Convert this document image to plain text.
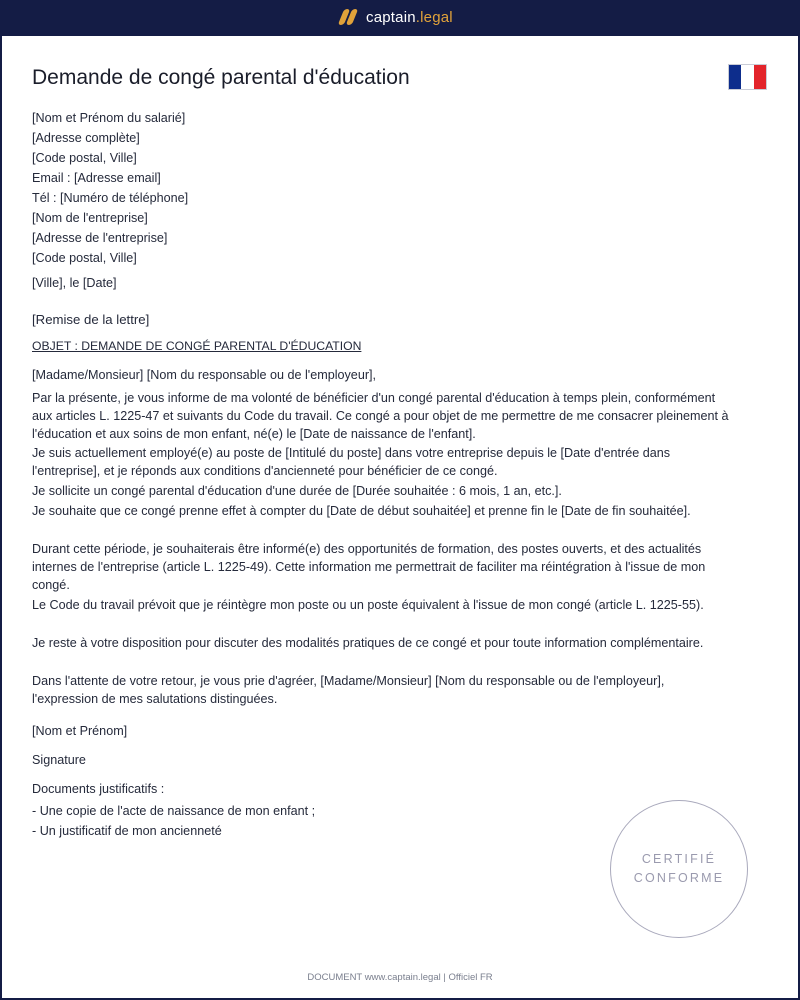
captain.legal
Demande de congé parental d'éducation
[Nom et Prénom du salarié]
[Adresse complète]
[Code postal, Ville]
Email : [Adresse email]
Tél : [Numéro de téléphone]
[Nom de l'entreprise]
[Adresse de l'entreprise]
[Code postal, Ville]
[Ville], le [Date]
[Remise de la lettre]
OBJET : DEMANDE DE CONGÉ PARENTAL D'ÉDUCATION
[Madame/Monsieur] [Nom du responsable ou de l'employeur],
Par la présente, je vous informe de ma volonté de bénéficier d'un congé parental d'éducation à temps plein, conformément aux articles L. 1225-47 et suivants du Code du travail. Ce congé a pour objet de me permettre de me consacrer pleinement à l'éducation et aux soins de mon enfant, né(e) le [Date de naissance de l'enfant].
Je suis actuellement employé(e) au poste de [Intitulé du poste] dans votre entreprise depuis le [Date d'entrée dans l'entreprise], et je réponds aux conditions d'ancienneté pour bénéficier de ce congé.
Je sollicite un congé parental d'éducation d'une durée de [Durée souhaitée : 6 mois, 1 an, etc.].
Je souhaite que ce congé prenne effet à compter du [Date de début souhaitée] et prenne fin le [Date de fin souhaitée].
Durant cette période, je souhaiterais être informé(e) des opportunités de formation, des postes ouverts, et des actualités internes de l'entreprise (article L. 1225-49). Cette information me permettrait de faciliter ma réintégration à l'issue de mon congé.
Le Code du travail prévoit que je réintègre mon poste ou un poste équivalent à l'issue de mon congé (article L. 1225-55).
Je reste à votre disposition pour discuter des modalités pratiques de ce congé et pour toute information complémentaire.
Dans l'attente de votre retour, je vous prie d'agréer, [Madame/Monsieur] [Nom du responsable ou de l'employeur], l'expression de mes salutations distinguées.
[Nom et Prénom]
Signature
Documents justificatifs :
- Une copie de l'acte de naissance de mon enfant ;
- Un justificatif de mon ancienneté
CERTIFIÉ
CONFORME
DOCUMENT www.captain.legal | Officiel FR
